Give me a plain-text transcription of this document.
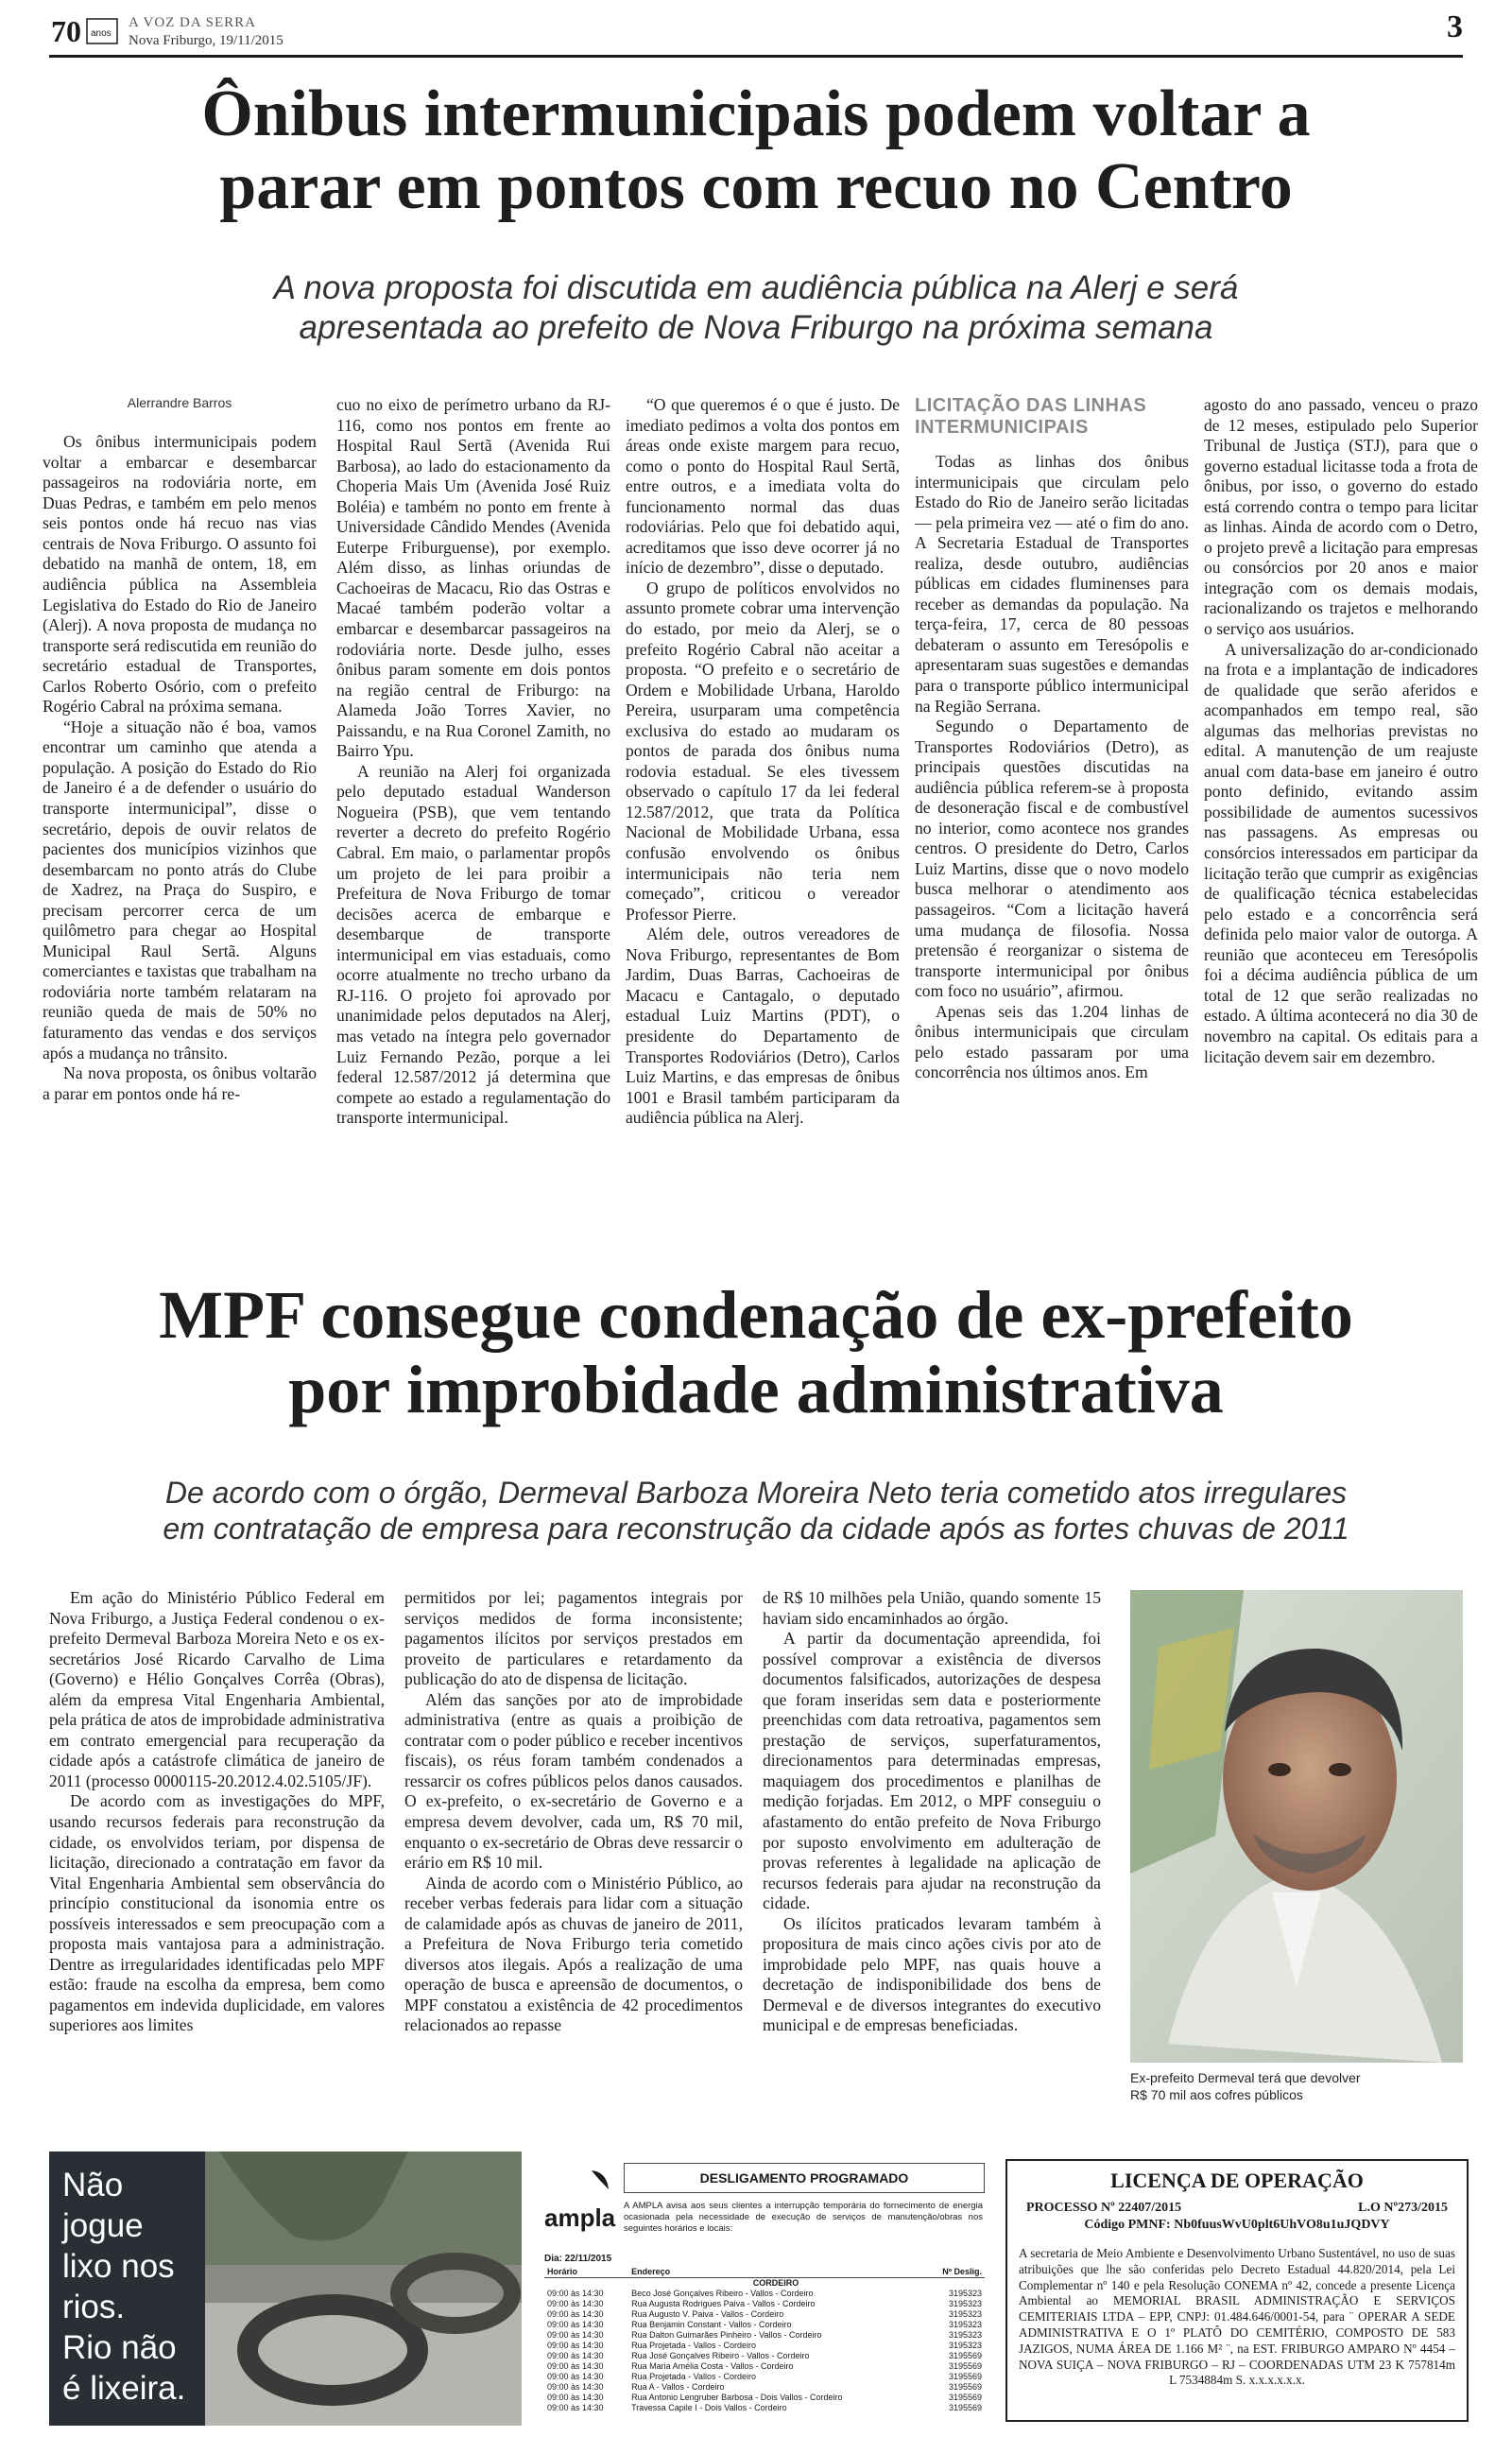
70 anos
A VOZ DA SERRA
Nova Friburgo, 19/11/2015	3
Ônibus intermunicipais podem voltar a
parar em pontos com recuo no Centro
A nova proposta foi discutida em audiência pública na Alerj e será
apresentada ao prefeito de Nova Friburgo na próxima semana
Alerrandre Barros

Os ônibus intermunicipais podem voltar a embarcar e desembarcar passageiros na rodoviária norte, em Duas Pedras, e também em pelo menos seis pontos onde há recuo nas vias centrais de Nova Friburgo. O assunto foi debatido na manhã de ontem, 18, em audiência pública na Assembleia Legislativa do Estado do Rio de Janeiro (Alerj). A nova proposta de mudança no transporte será rediscutida em reunião do secretário estadual de Transportes, Carlos Roberto Osório, com o prefeito Rogério Cabral na próxima semana.

“Hoje a situação não é boa, vamos encontrar um caminho que atenda a população. A posição do Estado do Rio de Janeiro é a de defender o usuário do transporte intermunicipal”, disse o secretário, depois de ouvir relatos de pacientes dos municípios vizinhos que desembarcam no ponto atrás do Clube de Xadrez, na Praça do Suspiro, e precisam percorrer cerca de um quilômetro para chegar ao Hospital Municipal Raul Sertã. Alguns comerciantes e taxistas que trabalham na rodoviária norte também relataram na reunião queda de mais de 50% no faturamento das vendas e dos serviços após a mudança no trânsito.

Na nova proposta, os ônibus voltarão a parar em pontos onde há re-

cuo no eixo de perímetro urbano da RJ-116, como nos pontos em frente ao Hospital Raul Sertã (Avenida Rui Barbosa), ao lado do estacionamento da Choperia Mais Um (Avenida José Ruiz Boléia) e também no ponto em frente à Universidade Cândido Mendes (Avenida Euterpe Friburguense), por exemplo. Além disso, as linhas oriundas de Cachoeiras de Macacu, Rio das Ostras e Macaé também poderão voltar a embarcar e desembarcar passageiros na rodoviária norte. Desde julho, esses ônibus param somente em dois pontos na região central de Friburgo: na Alameda João Torres Xavier, no Paissandu, e na Rua Coronel Zamith, no Bairro Ypu.

A reunião na Alerj foi organizada pelo deputado estadual Wanderson Nogueira (PSB), que vem tentando reverter a decreto do prefeito Rogério Cabral. Em maio, o parlamentar propôs um projeto de lei para proibir a Prefeitura de Nova Friburgo de tomar decisões acerca de embarque e desembarque de transporte intermunicipal em vias estaduais, como ocorre atualmente no trecho urbano da RJ-116. O projeto foi aprovado por unanimidade pelos deputados na Alerj, mas vetado na íntegra pelo governador Luiz Fernando Pezão, porque a lei federal 12.587/2012 já determina que compete ao estado a regulamentação do transporte intermunicipal.

“O que queremos é o que é justo. De imediato pedimos a volta dos pontos em áreas onde existe margem para recuo, como o ponto do Hospital Raul Sertã, entre outros, e a imediata volta do funcionamento normal das duas rodoviárias. Pelo que foi debatido aqui, acreditamos que isso deve ocorrer já no início de dezembro”, disse o deputado.

O grupo de políticos envolvidos no assunto promete cobrar uma intervenção do estado, por meio da Alerj, se o prefeito Rogério Cabral não aceitar a proposta. “O prefeito e o secretário de Ordem e Mobilidade Urbana, Haroldo Pereira, usurparam uma competência exclusiva do estado ao mudaram os pontos de parada dos ônibus numa rodovia estadual. Se eles tivessem observado o capítulo 17 da lei federal 12.587/2012, que trata da Política Nacional de Mobilidade Urbana, essa confusão envolvendo os ônibus intermunicipais não teria nem começado”, criticou o vereador Professor Pierre.

Além dele, outros vereadores de Nova Friburgo, representantes de Bom Jardim, Duas Barras, Cachoeiras de Macacu e Cantagalo, o deputado estadual Luiz Martins (PDT), o presidente do Departamento de Transportes Rodoviários (Detro), Carlos Luiz Martins, e das empresas de ônibus 1001 e Brasil também participaram da audiência pública na Alerj.

LICITAÇÃO DAS LINHAS
INTERMUNICIPAIS

Todas as linhas dos ônibus intermunicipais que circulam pelo Estado do Rio de Janeiro serão licitadas — pela primeira vez — até o fim do ano. A Secretaria Estadual de Transportes realiza, desde outubro, audiências públicas em cidades fluminenses para receber as demandas da população. Na terça-feira, 17, cerca de 80 pessoas debateram o assunto em Teresópolis e apresentaram suas sugestões e demandas para o transporte público intermunicipal na Região Serrana.

Segundo o Departamento de Transportes Rodoviários (Detro), as principais questões discutidas na audiência pública referem-se à proposta de desoneração fiscal e de combustível no interior, como acontece nos grandes centros. O presidente do Detro, Carlos Luiz Martins, disse que o novo modelo busca melhorar o atendimento aos passageiros. “Com a licitação haverá uma mudança de filosofia. Nossa pretensão é reorganizar o sistema de transporte intermunicipal por ônibus com foco no usuário”, afirmou.

Apenas seis das 1.204 linhas de ônibus intermunicipais que circulam pelo estado passaram por uma concorrência nos últimos anos. Em

agosto do ano passado, venceu o prazo de 12 meses, estipulado pelo Superior Tribunal de Justiça (STJ), para que o governo estadual licitasse toda a frota de ônibus, por isso, o governo do estado está correndo contra o tempo para licitar as linhas. Ainda de acordo com o Detro, o projeto prevê a licitação para empresas ou consórcios por 20 anos e maior integração com os demais modais, racionalizando os trajetos e melhorando o serviço aos usuários.

A universalização do ar-condicionado na frota e a implantação de indicadores de qualidade que serão aferidos e acompanhados em tempo real, são algumas das melhorias previstas no edital. A manutenção de um reajuste anual com data-base em janeiro é outro ponto definido, evitando assim possibilidade de aumentos sucessivos nas passagens. As empresas ou consórcios interessados em participar da licitação terão que cumprir as exigências de qualificação técnica estabelecidas pelo estado e a concorrência será definida pelo maior valor de outorga. A reunião que aconteceu em Teresópolis foi a décima audiência pública de um total de 12 que serão realizadas no estado. A última acontecerá no dia 30 de novembro na capital. Os editais para a licitação devem sair em dezembro.

MPF consegue condenação de ex-prefeito
por improbidade administrativa
De acordo com o órgão, Dermeval Barboza Moreira Neto teria cometido atos irregulares
em contratação de empresa para reconstrução da cidade após as fortes chuvas de 2011

Em ação do Ministério Público Federal em Nova Friburgo, a Justiça Federal condenou o ex-prefeito Dermeval Barboza Moreira Neto e os ex-secretários José Ricardo Carvalho de Lima (Governo) e Hélio Gonçalves Corrêa (Obras), além da empresa Vital Engenharia Ambiental, pela prática de atos de improbidade administrativa em contrato emergencial para recuperação da cidade após a catástrofe climática de janeiro de 2011 (processo 0000115-20.2012.4.02.5105/JF).

De acordo com as investigações do MPF, usando recursos federais para reconstrução da cidade, os envolvidos teriam, por dispensa de licitação, direcionado a contratação em favor da Vital Engenharia Ambiental sem observância do princípio constitucional da isonomia entre os possíveis interessados e sem preocupação com a proposta mais vantajosa para a administração. Dentre as irregularidades identificadas pelo MPF estão: fraude na escolha da empresa, bem como pagamentos em indevida duplicidade, em valores superiores aos limites

permitidos por lei; pagamentos integrais por serviços medidos de forma inconsistente; pagamentos ilícitos por serviços prestados em proveito de particulares e retardamento da publicação do ato de dispensa de licitação.

Além das sanções por ato de improbidade administrativa (entre as quais a proibição de contratar com o poder público e receber incentivos fiscais), os réus foram também condenados a ressarcir os cofres públicos pelos danos causados. O ex-prefeito, o ex-secretário de Governo e a empresa devem devolver, cada um, R$ 70 mil, enquanto o ex-secretário de Obras deve ressarcir o erário em R$ 10 mil.

Ainda de acordo com o Ministério Público, ao receber verbas federais para lidar com a situação de calamidade após as chuvas de janeiro de 2011, a Prefeitura de Nova Friburgo teria cometido diversos atos ilegais. Após a realização de uma operação de busca e apreensão de documentos, o MPF constatou a existência de 42 procedimentos relacionados ao repasse

de R$ 10 milhões pela União, quando somente 15 haviam sido encaminhados ao órgão.

A partir da documentação apreendida, foi possível comprovar a existência de diversos documentos falsificados, autorizações de despesa que foram inseridas sem data e posteriormente preenchidas com data retroativa, pagamentos sem prestação de serviços, superfaturamentos, direcionamentos para determinadas empresas, maquiagem dos procedimentos e planilhas de medição forjadas. Em 2012, o MPF conseguiu o afastamento do então prefeito de Nova Friburgo por suposto envolvimento em adulteração de provas referentes à legalidade na aplicação de recursos federais para ajudar na reconstrução da cidade.

Os ilícitos praticados levaram também à propositura de mais cinco ações civis por ato de improbidade pelo MPF, nas quais houve a decretação de indisponibilidade dos bens de Dermeval e de diversos integrantes do executivo municipal e de empresas beneficiadas.

Ex-prefeito Dermeval terá que devolver
R$ 70 mil aos cofres públicos
Não
jogue
lixo nos
rios.
Rio não
é lixeira.
ampla
DESLIGAMENTO PROGRAMADO
A AMPLA avisa aos seus clientes a interrupção temporária do fornecimento de energia ocasionada pela necessidade de execução de serviços de manutenção/obras nos seguintes horários e locais:
Dia: 22/11/2015
Horário	Endereço	Nº Deslig.
	CORDEIRO	
09:00 às 14:30	Beco José Gonçalves Ribeiro - Vallos - Cordeiro	3195323
09:00 às 14:30	Rua Augusta Rodrigues Paiva - Vallos - Cordeiro	3195323
09:00 às 14:30	Rua Augusto V. Paiva - Vallos - Cordeiro	3195323
09:00 às 14:30	Rua Benjamin Constant - Vallos - Cordeiro	3195323
09:00 às 14:30	Rua Dalton Guimarães Pinheiro - Vallos - Cordeiro	3195323
09:00 às 14:30	Rua Projetada - Vallos - Cordeiro	3195323
09:00 às 14:30	Rua José Gonçalves Ribeiro - Vallos - Cordeiro	3195569
09:00 às 14:30	Rua Maria Amélia Costa - Vallos - Cordeiro	3195569
09:00 às 14:30	Rua Projetada - Vallos - Cordeiro	3195569
09:00 às 14:30	Rua A - Vallos - Cordeiro	3195569
09:00 às 14:30	Rua Antonio Lengruber Barbosa - Dois Vallos - Cordeiro	3195569
09:00 às 14:30	Travessa Capile I - Dois Vallos - Cordeiro	3195569
LICENÇA DE OPERAÇÃO
PROCESSO Nº 22407/2015	L.O Nº273/2015
Código PMNF: Nb0fuusWvU0plt6UhVO8u1uJQDVY
A secretaria de Meio Ambiente e Desenvolvimento Urbano Sustentável, no uso de suas atribuições que lhe são conferidas pelo Decreto Estadual 44.820/2014, pela Lei Complementar nº 140 e pela Resolução CONEMA nº 42, concede a presente Licença Ambiental ao MEMORIAL BRASIL ADMINISTRAÇÃO E SERVIÇOS CEMITERIAIS LTDA – EPP, CNPJ: 01.484.646/0001-54, para ¨ OPERAR A SEDE ADMINISTRATIVA E O 1º PLATÔ DO CEMITÉRIO, COMPOSTO DE 583 JAZIGOS, NUMA ÁREA DE 1.166 M² ¨, na EST. FRIBURGO AMPARO Nº 4454 – NOVA SUIÇA – NOVA FRIBURGO – RJ – COORDENADAS UTM 23 K 757814m L 7534884m S. x.x.x.x.x.x.
